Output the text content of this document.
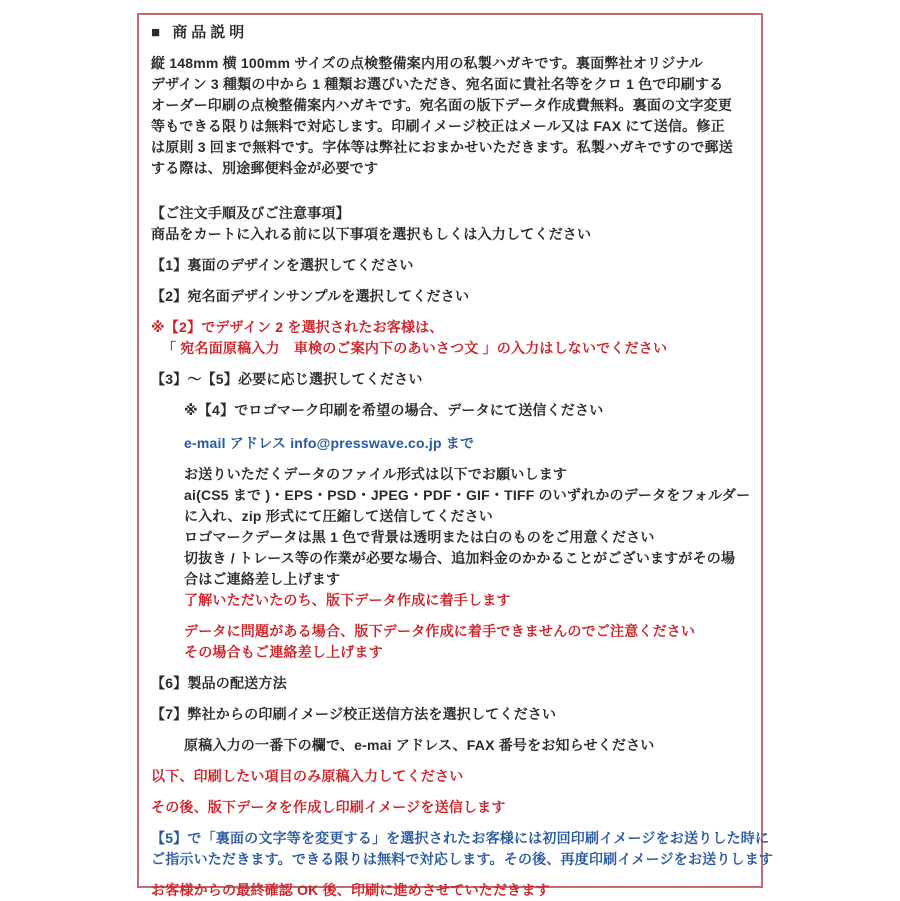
■ 商品説明
縦 148mm 横 100mm サイズの点検整備案内用の私製ハガキです。裏面弊社オリジナル
デザイン 3 種類の中から 1 種類お選びいただき、宛名面に貴社名等をクロ 1 色で印刷する
オーダー印刷の点検整備案内ハガキです。宛名面の版下データ作成費無料。裏面の文字変更
等もできる限りは無料で対応します。印刷イメージ校正はメール又は FAX にて送信。修正
は原則 3 回まで無料です。字体等は弊社におまかせいただきます。私製ハガキですので郵送
する際は、別途郵便料金が必要です
【ご注文手順及びご注意事項】
商品をカートに入れる前に以下事項を選択もしくは入力してください
【1】裏面のデザインを選択してください
【2】宛名面デザインサンプルを選択してください
※【2】でデザイン 2 を選択されたお客様は、
「 宛名面原稿入力　車検のご案内下のあいさつ文 」の入力はしないでください
【3】～【5】必要に応じ選択してください
※【4】でロゴマーク印刷を希望の場合、データにて送信ください
e-mail アドレス info@presswave.co.jp まで
お送りいただくデータのファイル形式は以下でお願いします
ai(CS5 まで )・EPS・PSD・JPEG・PDF・GIF・TIFF のいずれかのデータをフォルダー
に入れ、zip 形式にて圧縮して送信してください
ロゴマークデータは黒 1 色で背景は透明または白のものをご用意ください
切抜き / トレース等の作業が必要な場合、追加料金のかかることがございますがその場
合はご連絡差し上げます
了解いただいたのち、版下データ作成に着手します
データに問題がある場合、版下データ作成に着手できませんのでご注意ください
その場合もご連絡差し上げます
【6】製品の配送方法
【7】弊社からの印刷イメージ校正送信方法を選択してください
原稿入力の一番下の欄で、e-mai アドレス、FAX 番号をお知らせください
以下、印刷したい項目のみ原稿入力してください
その後、版下データを作成し印刷イメージを送信します
【5】で「裏面の文字等を変更する」を選択されたお客様には初回印刷イメージをお送りした時に
ご指示いただきます。できる限りは無料で対応します。その後、再度印刷イメージをお送りします
お客様からの最終確認 OK 後、印刷に進めさせていただきます
